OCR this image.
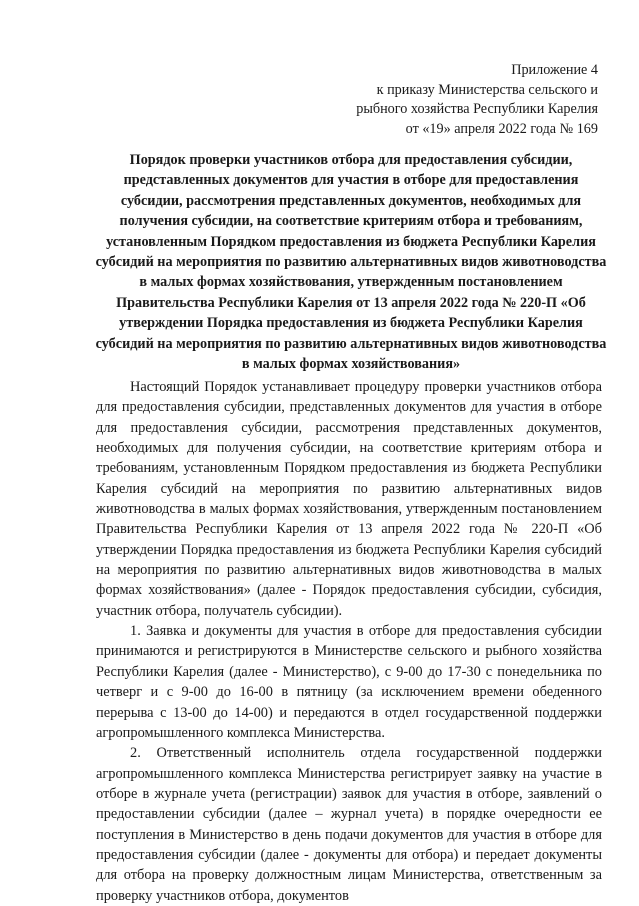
Приложение 4
к приказу Министерства сельского и
рыбного хозяйства Республики Карелия
от «19» апреля 2022 года № 169
Порядок проверки участников отбора для предоставления субсидии, представленных документов для участия в отборе для предоставления субсидии, рассмотрения представленных документов, необходимых для получения субсидии, на соответствие критериям отбора и требованиям, установленным Порядком предоставления из бюджета Республики Карелия субсидий на мероприятия по развитию альтернативных видов животноводства в малых формах хозяйствования, утвержденным постановлением Правительства Республики Карелия от 13 апреля 2022 года № 220-П «Об утверждении Порядка предоставления из бюджета Республики Карелия субсидий на мероприятия по развитию альтернативных видов животноводства в малых формах хозяйствования»

Настоящий Порядок устанавливает процедуру проверки участников отбора для предоставления субсидии, представленных документов для участия в отборе для предоставления субсидии, рассмотрения представленных документов, необходимых для получения субсидии, на соответствие критериям отбора и требованиям, установленным Порядком предоставления из бюджета Республики Карелия субсидий на мероприятия по развитию альтернативных видов животноводства в малых формах хозяйствования, утвержденным постановлением Правительства Республики Карелия от 13 апреля 2022 года № 220-П «Об утверждении Порядка предоставления из бюджета Республики Карелия субсидий на мероприятия по развитию альтернативных видов животноводства в малых формах хозяйствования» (далее - Порядок предоставления субсидии, субсидия, участник отбора, получатель субсидии).

1. Заявка и документы для участия в отборе для предоставления субсидии принимаются и регистрируются в Министерстве сельского и рыбного хозяйства Республики Карелия (далее - Министерство), с 9-00 до 17-30 с понедельника по четверг и с 9-00 до 16-00 в пятницу (за исключением времени обеденного перерыва с 13-00 до 14-00) и передаются в отдел государственной поддержки агропромышленного комплекса Министерства.

2. Ответственный исполнитель отдела государственной поддержки агропромышленного комплекса Министерства регистрирует заявку на участие в отборе в журнале учета (регистрации) заявок для участия в отборе, заявлений о предоставлении субсидии (далее – журнал учета) в порядке очередности ее поступления в Министерство в день подачи документов для участия в отборе для предоставления субсидии (далее - документы для отбора) и передает документы для отбора на проверку должностным лицам Министерства, ответственным за проверку участников отбора, документов
